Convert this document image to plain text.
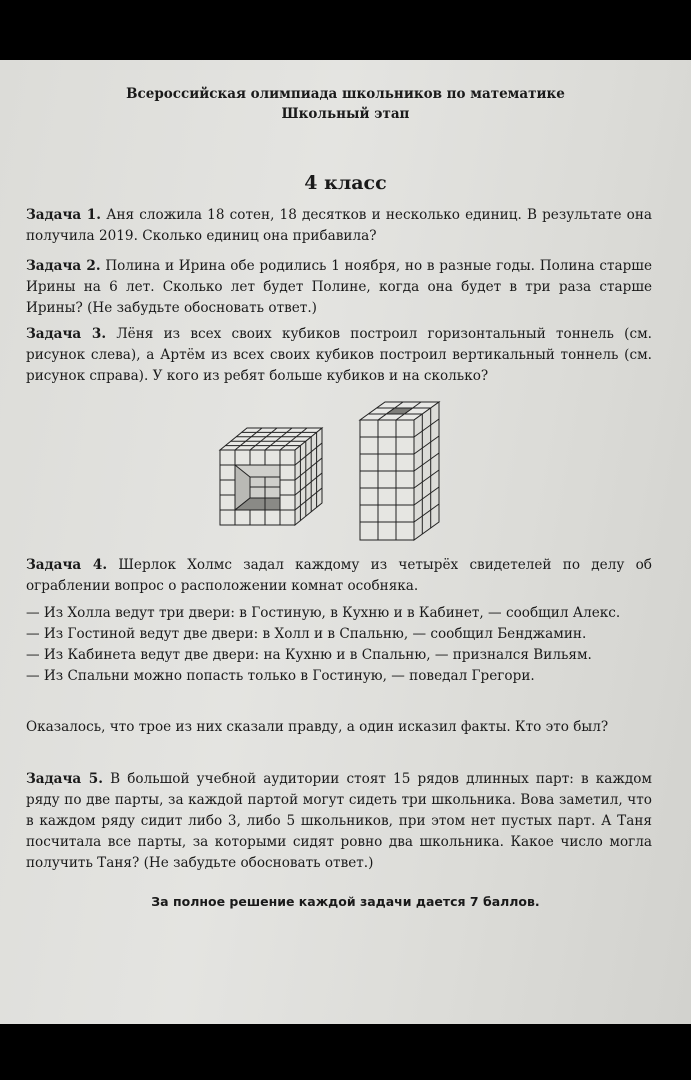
Всероссийская олимпиада школьников по математике
Школьный этап
4 класс
Задача 1. Аня сложила 18 сотен, 18 десятков и несколько единиц. В результате она получила 2019. Сколько единиц она прибавила?
Задача 2. Полина и Ирина обе родились 1 ноября, но в разные годы. Полина старше Ирины на 6 лет. Сколько лет будет Полине, когда она будет в три раза старше Ирины? (Не забудьте обосновать ответ.)
Задача 3. Лёня из всех своих кубиков построил горизонтальный тоннель (см. рисунок слева), а Артём из всех своих кубиков построил вертикальный тоннель (см. рисунок справа). У кого из ребят больше кубиков и на сколько?
Задача 4. Шерлок Холмс задал каждому из четырёх свидетелей по делу об ограблении вопрос о расположении комнат особняка.
— Из Холла ведут три двери: в Гостиную, в Кухню и в Кабинет, — сообщил Алекс.
— Из Гостиной ведут две двери: в Холл и в Спальню, — сообщил Бенджамин.
— Из Кабинета ведут две двери: на Кухню и в Спальню, — признался Вильям.
— Из Спальни можно попасть только в Гостиную, — поведал Грегори.
Оказалось, что трое из них сказали правду, а один исказил факты. Кто это был?
Задача 5. В большой учебной аудитории стоят 15 рядов длинных парт: в каждом ряду по две парты, за каждой партой могут сидеть три школьника. Вова заметил, что в каждом ряду сидит либо 3, либо 5 школьников, при этом нет пустых парт. А Таня посчитала все парты, за которыми сидят ровно два школьника. Какое число могла получить Таня? (Не забудьте обосновать ответ.)
За полное решение каждой задачи дается 7 баллов.
